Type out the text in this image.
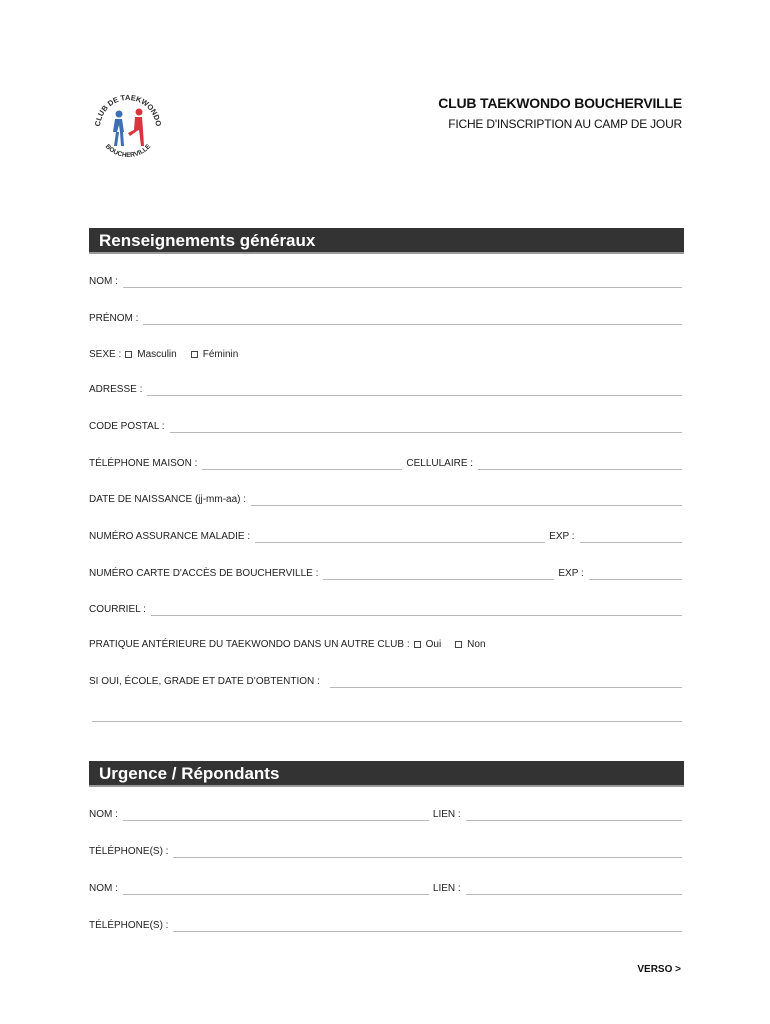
CLUB DE TAEKWONDO
BOUCHERVILLE
CLUB TAEKWONDO BOUCHERVILLE
FICHE D'INSCRIPTION AU CAMP DE JOUR
Renseignements généraux
NOM :
PRÉNOM :
SEXE : Masculin	Féminin
ADRESSE :
CODE POSTAL :
TÉLÉPHONE MAISON :	CELLULAIRE :
DATE DE NAISSANCE (jj-mm-aa) :
NUMÉRO ASSURANCE MALADIE :	EXP :
NUMÉRO CARTE D'ACCÈS DE BOUCHERVILLE :	EXP :
COURRIEL :
PRATIQUE ANTÉRIEURE DU TAEKWONDO DANS UN AUTRE CLUB : Oui	Non
SI OUI, ÉCOLE, GRADE ET DATE D’OBTENTION :
Urgence / Répondants
NOM :	LIEN :
TÉLÉPHONE(S) :
NOM :	LIEN :
TÉLÉPHONE(S) :
VERSO >
